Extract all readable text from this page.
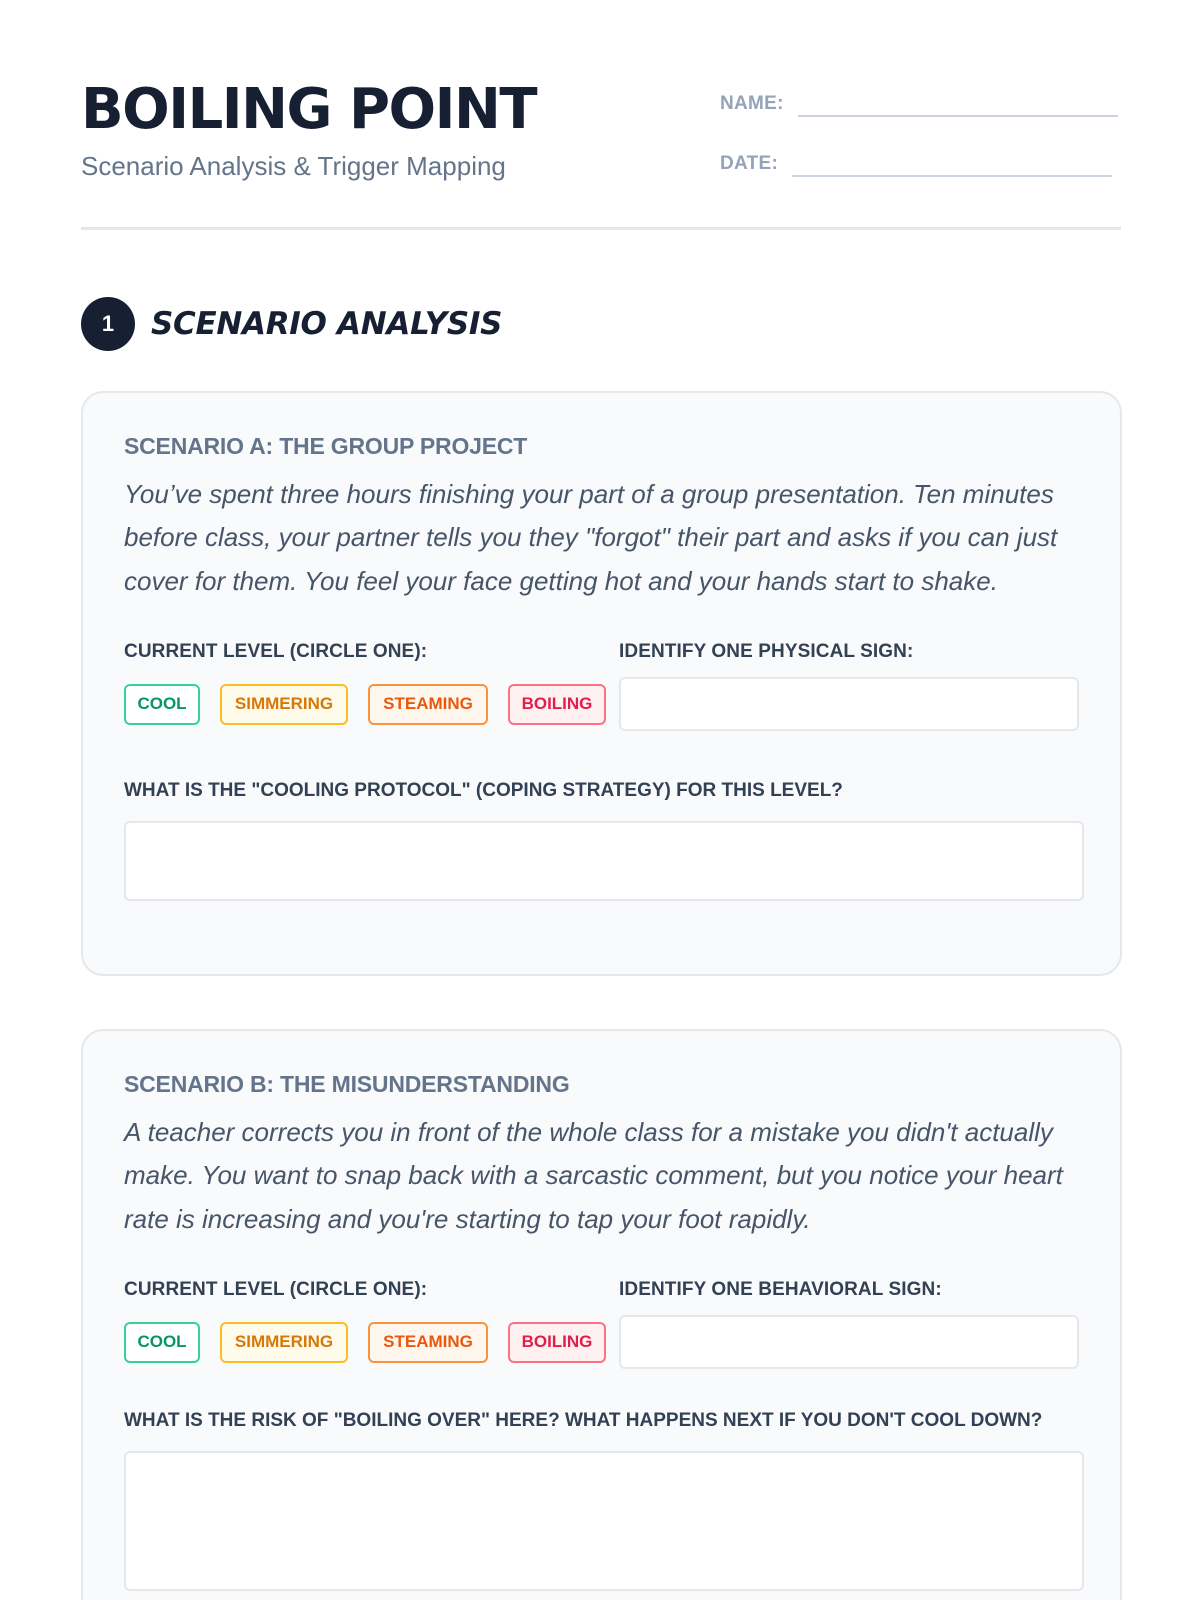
BOILING POINT
Scenario Analysis & Trigger Mapping
NAME:
DATE:
1	SCENARIO ANALYSIS
SCENARIO A: THE GROUP PROJECT
You’ve spent three hours finishing your part of a group presentation. Ten minutes before class, your partner tells you they "forgot" their part and asks if you can just cover for them. You feel your face getting hot and your hands start to shake.
CURRENT LEVEL (CIRCLE ONE):
COOL	SIMMERING	STEAMING	BOILING
IDENTIFY ONE PHYSICAL SIGN:
WHAT IS THE "COOLING PROTOCOL" (COPING STRATEGY) FOR THIS LEVEL?
SCENARIO B: THE MISUNDERSTANDING
A teacher corrects you in front of the whole class for a mistake you didn't actually make. You want to snap back with a sarcastic comment, but you notice your heart rate is increasing and you're starting to tap your foot rapidly.
CURRENT LEVEL (CIRCLE ONE):
COOL	SIMMERING	STEAMING	BOILING
IDENTIFY ONE BEHAVIORAL SIGN:
WHAT IS THE RISK OF "BOILING OVER" HERE? WHAT HAPPENS NEXT IF YOU DON'T COOL DOWN?
